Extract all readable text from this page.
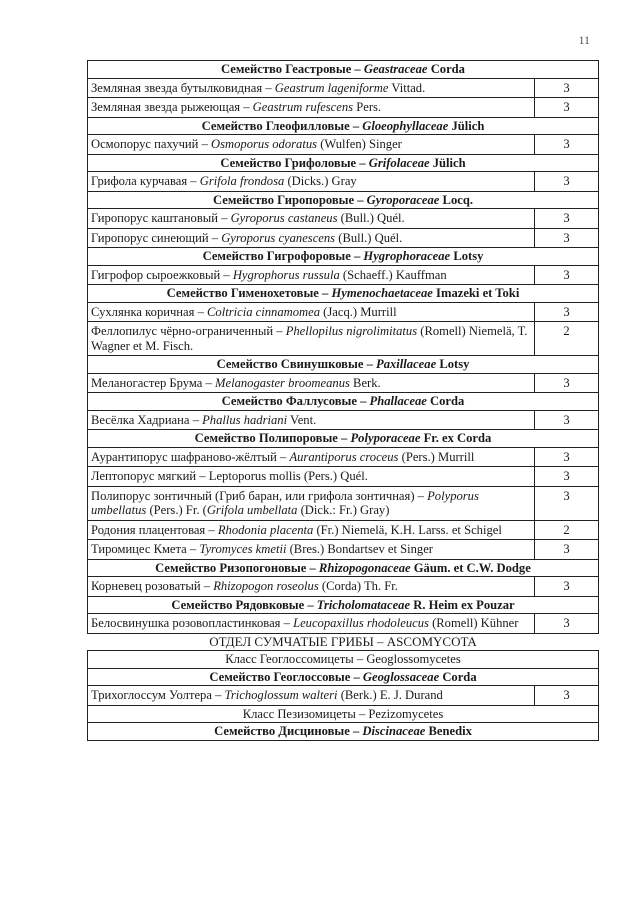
11
Семейство Геастровые – Geastraceae Corda	
Земляная звезда бутылковидная – Geastrum lageniforme Vittad.	3
Земляная звезда рыжеющая – Geastrum rufescens Pers.	3
Семейство Глеофилловые – Gloeophyllaceae Jülich	
Осмопорус пахучий – Osmoporus odoratus (Wulfen) Singer	3
Семейство Грифоловые – Grifolaceae Jülich	
Грифола курчавая – Grifola frondosa (Dicks.) Gray	3
Семейство Гиропоровые – Gyroporaceae Locq.	
Гиропорус каштановый – Gyroporus castaneus (Bull.) Quél.	3
Гиропорус синеющий – Gyroporus cyanescens (Bull.) Quél.	3
Семейство Гигрофоровые – Hygrophoraceae Lotsy	
Гигрофор сыроежковый – Hygrophorus russula (Schaeff.) Kauffman	3
Семейство Гименохетовые – Hymenochaetaceae Imazeki et Toki	
Сухлянка коричная – Coltricia cinnamomea (Jacq.) Murrill	3
Феллопилус чёрно-ограниченный – Phellopilus nigrolimitatus (Romell) Niemelä, T. Wagner et M. Fisch.	2
Семейство Свинушковые – Paxillaceae Lotsy	
Меланогастер Брума – Melanogaster broomeanus Berk.	3
Семейство Фаллусовые – Phallaceae Corda	
Весёлка Хадриана – Phallus hadriani Vent.	3
Семейство Полипоровые – Polyporaceae Fr. ex Corda	
Аурантипорус шафраново-жёлтый – Aurantiporus croceus (Pers.) Murrill	3
Лептопорус мягкий – Leptoporus mollis (Pers.) Quél.	3
Полипорус зонтичный (Гриб баран, или грифола зонтичная) – Polyporus umbellatus (Pers.) Fr. (Grifola umbellata (Dick.: Fr.) Gray)	3
Родония плацентовая – Rhodonia placenta (Fr.) Niemelä, K.H. Larss. et Schigel	2
Тиромицес Кмета – Tyromyces kmetii (Bres.) Bondartsev et Singer	3
Семейство Ризопогоновые – Rhizopogonaceae Gäum. et C.W. Dodge	
Корневец розоватый – Rhizopogon roseolus (Corda) Th. Fr.	3
Семейство Рядовковые – Tricholomataceae R. Heim ex Pouzar	
Белосвинушка розовопластинковая – Leucopaxillus rhodoleucus (Romell) Kühner	3
ОТДЕЛ СУМЧАТЫЕ ГРИБЫ – ASCOMYCOTA	
Класс Геоглоссомицеты – Geoglossomycetes	
Семейство Геоглоссовые – Geoglossaceae Corda	
Трихоглоссум Уолтера – Trichoglossum walteri (Berk.) E. J. Durand	3
Класс Пезизомицеты – Pezizomycetes	
Семейство Дисциновые – Discinaceae Benedix	
